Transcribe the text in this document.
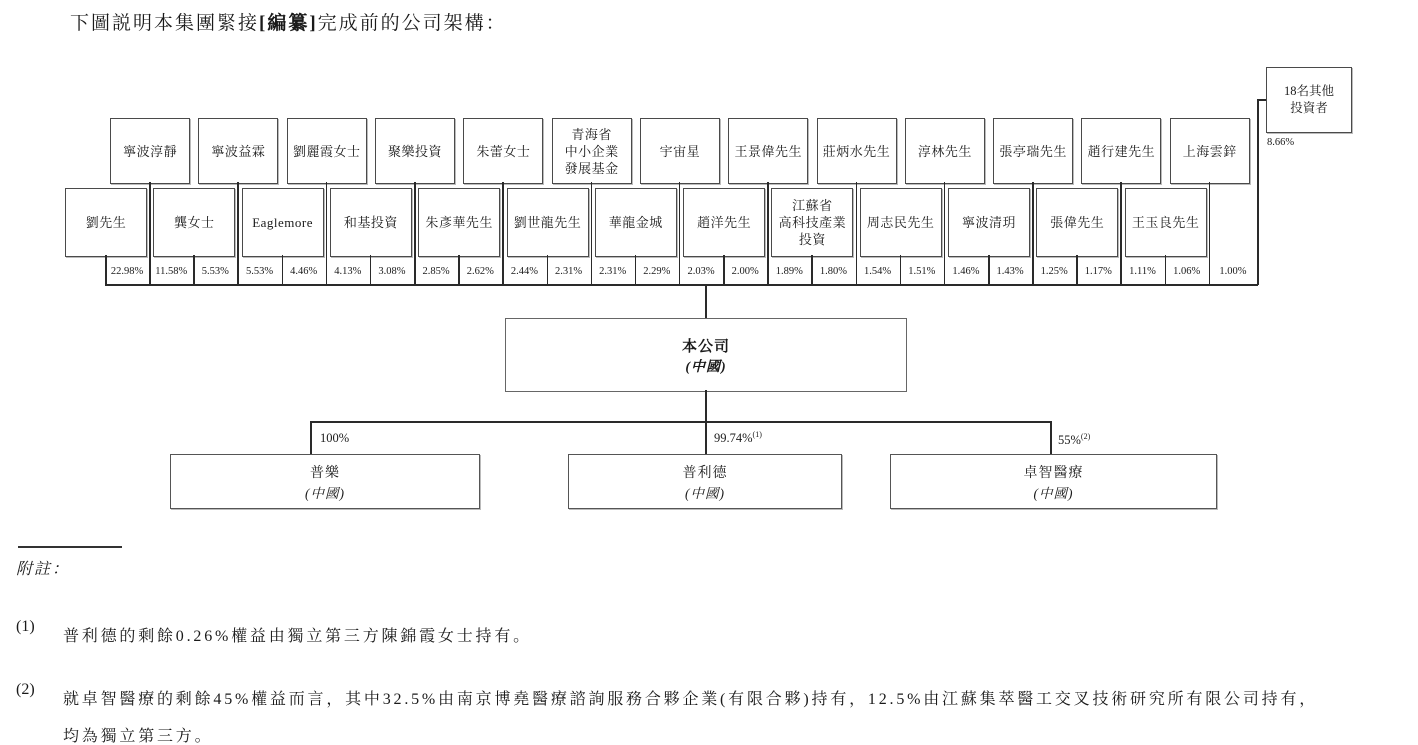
下圖説明本集團緊接[編纂]完成前的公司架構：
18名其他
投資者
8.66%
本公司
(中國)
100%	99.74%$^{(1)}$	55%$^{(2)}$
普樂
(中國)
普利德
(中國)
卓智醫療
(中國)
劉先生
22.98%
寧波淳靜
11.58%
龔女士
5.53%
寧波益霖
5.53%
Eaglemore
4.46%
劉麗霞女士
4.13%
和基投資
3.08%
聚樂投資
2.85%
朱彥華先生
2.62%
朱蕾女士
2.44%
劉世龍先生
2.31%
青海省
中小企業
發展基金
2.31%
華龍金城
2.29%
宇宙星
2.03%
趙洋先生
2.00%
王景偉先生
1.89%
江蘇省
高科技產業
投資
1.80%
莊炳水先生
1.54%
周志民先生
1.51%
淳林先生
1.46%
寧波清玥
1.43%
張亭瑞先生
1.25%
張偉先生
1.17%
趙行建先生
1.11%
王玉良先生
1.06%
上海雲鋅
1.00%
附註：
(1)
普利德的剩餘0.26%權益由獨立第三方陳錦霞女士持有。
(2)
就卓智醫療的剩餘45%權益而言，其中32.5%由南京博堯醫療諮詢服務合夥企業(有限合夥)持有，12.5%由江蘇集萃醫工交叉技術研究所有限公司持有，
均為獨立第三方。
